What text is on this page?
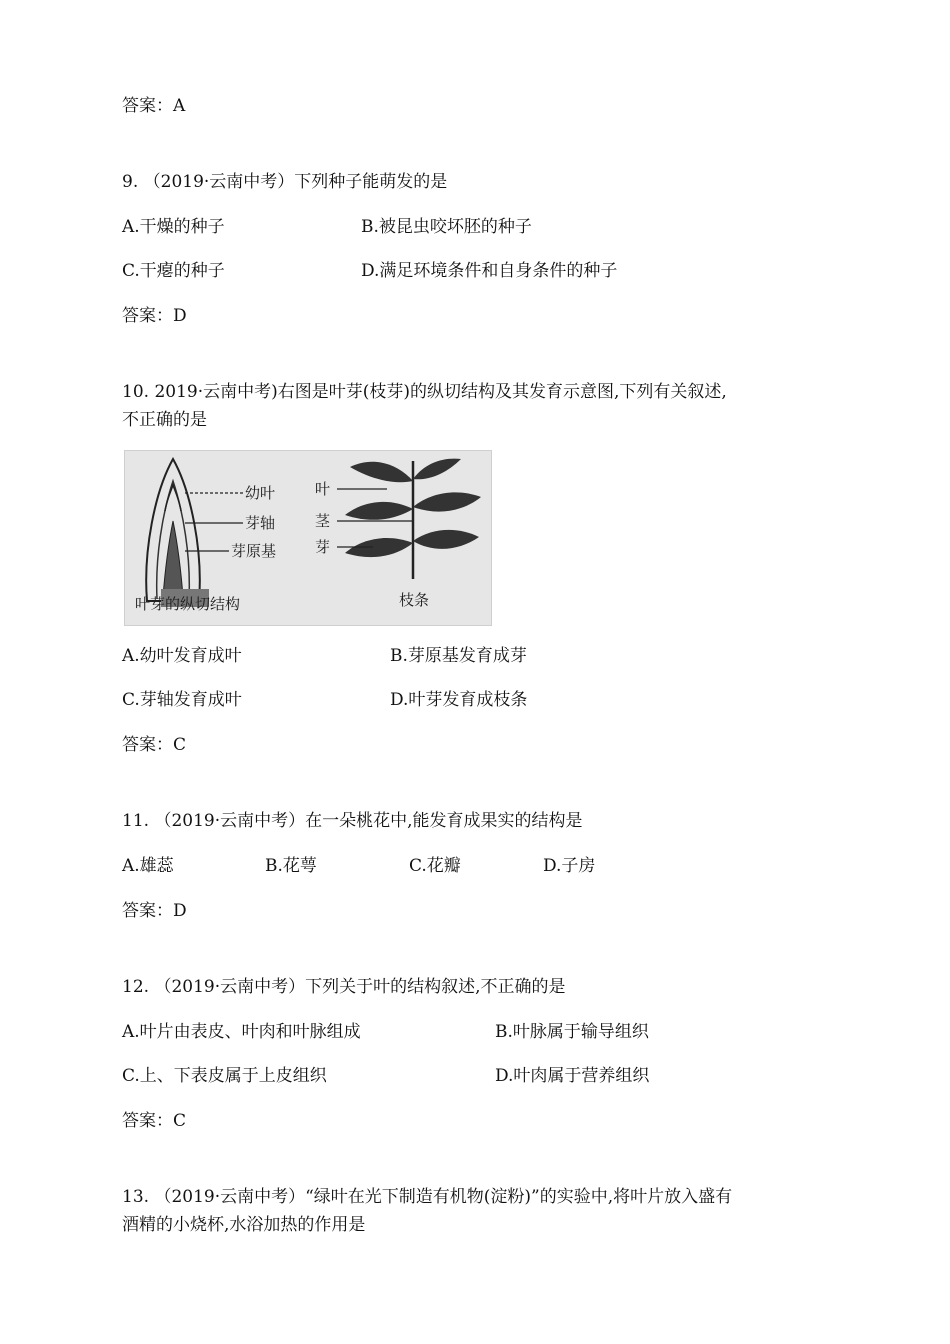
答案：A
9. （2019·云南中考）下列种子能萌发的是
A.干燥的种子	B.被昆虫咬坏胚的种子
C.干瘪的种子	D.满足环境条件和自身条件的种子
答案：D
10. 2019·云南中考)右图是叶芽(枝芽)的纵切结构及其发育示意图,下列有关叙述,
不正确的是
幼叶
芽轴
芽原基
叶
茎
芽
叶芽的纵切结构	枝条
A.幼叶发育成叶	B.芽原基发育成芽
C.芽轴发育成叶	D.叶芽发育成枝条
答案：C
11. （2019·云南中考）在一朵桃花中,能发育成果实的结构是
A.雄蕊	B.花萼	C.花瓣	D.子房
答案：D
12. （2019·云南中考）下列关于叶的结构叙述,不正确的是
A.叶片由表皮、叶肉和叶脉组成	B.叶脉属于输导组织
C.上、下表皮属于上皮组织	D.叶肉属于营养组织
答案：C
13. （2019·云南中考）“绿叶在光下制造有机物(淀粉)”的实验中,将叶片放入盛有
酒精的小烧杯,水浴加热的作用是
